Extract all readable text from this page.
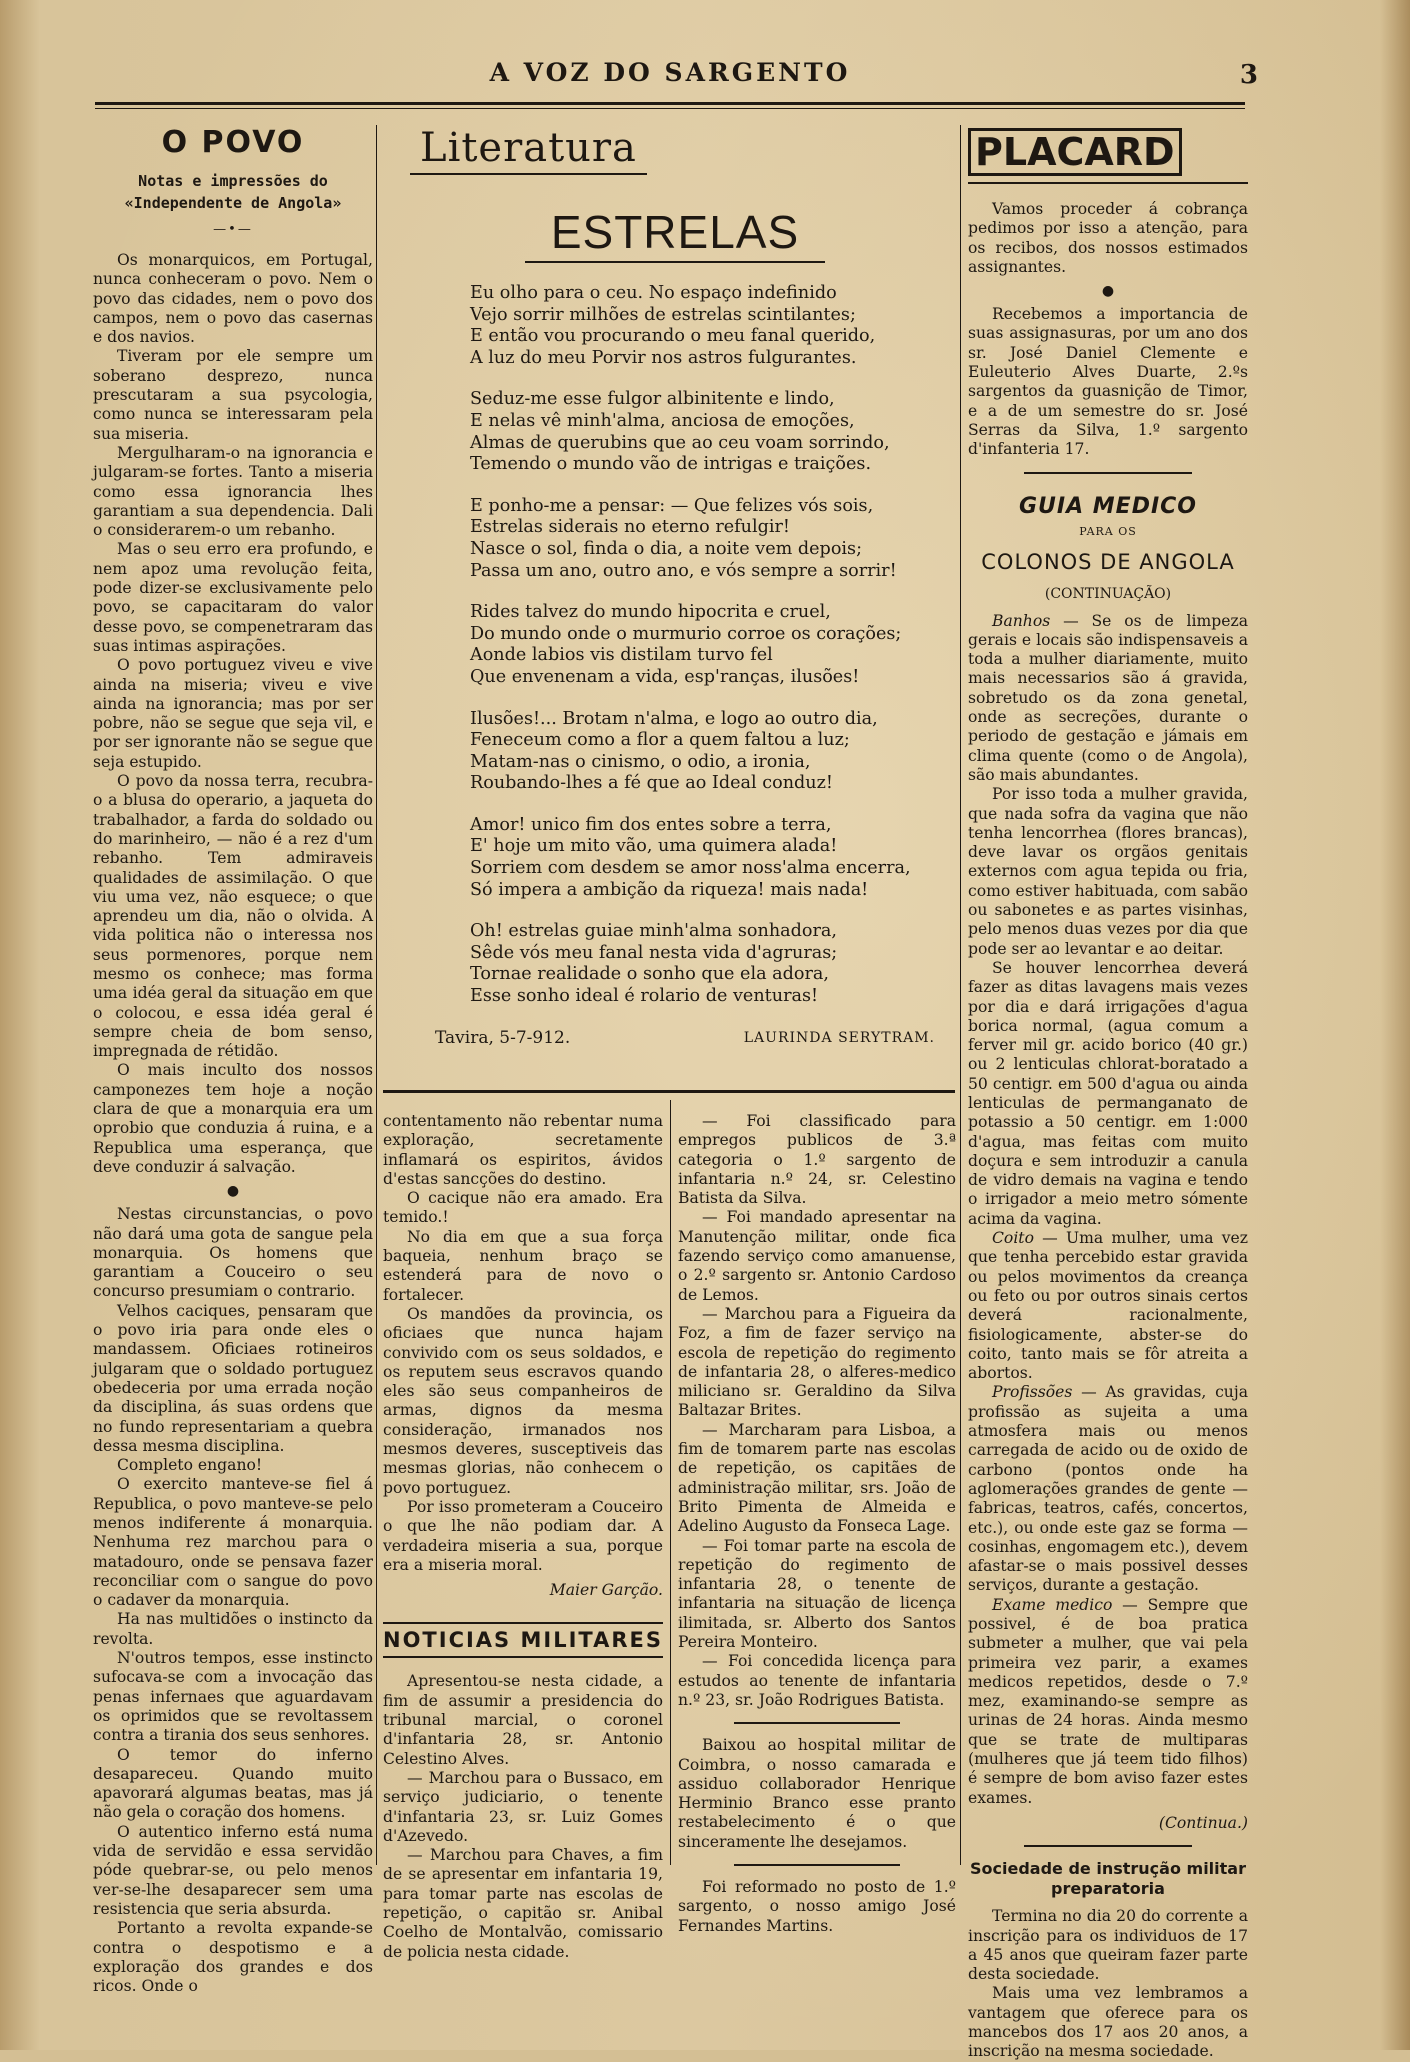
A VOZ DO SARGENTO	3
O POVO
Notas e impressões do «Independente de Angola»
—•—

Os monarquicos, em Portugal, nunca conheceram o povo. Nem o povo das cidades, nem o povo dos campos, nem o povo das casernas e dos navios.

Tiveram por ele sempre um soberano desprezo, nunca prescutaram a sua psycologia, como nunca se interessaram pela sua miseria.

Mergulharam-o na ignorancia e julgaram-se fortes. Tanto a miseria como essa ignorancia lhes garantiam a sua dependencia. Dali o considerarem-o um rebanho.

Mas o seu erro era profundo, e nem apoz uma revolução feita, pode dizer-se exclusivamente pelo povo, se capacitaram do valor desse povo, se compenetraram das suas intimas aspirações.

O povo portuguez viveu e vive ainda na miseria; viveu e vive ainda na ignorancia; mas por ser pobre, não se segue que seja vil, e por ser ignorante não se segue que seja estupido.

O povo da nossa terra, recubra-o a blusa do operario, a jaqueta do trabalhador, a farda do soldado ou do marinheiro, — não é a rez d'um rebanho. Tem admiraveis qualidades de assimilação. O que viu uma vez, não esquece; o que aprendeu um dia, não o olvida. A vida politica não o interessa nos seus pormenores, porque nem mesmo os conhece; mas forma uma idéa geral da situação em que o colocou, e essa idéa geral é sempre cheia de bom senso, impregnada de rétidão.

O mais inculto dos nossos camponezes tem hoje a noção clara de que a monarquia era um oprobio que conduzia á ruina, e a Republica uma esperança, que deve conduzir á salvação.

●

Nestas circunstancias, o povo não dará uma gota de sangue pela monarquia. Os homens que garantiam a Couceiro o seu concurso presumiam o contrario.

Velhos caciques, pensaram que o povo iria para onde eles o mandassem. Oficiaes rotineiros julgaram que o soldado portuguez obedeceria por uma errada noção da disciplina, ás suas ordens que no fundo representariam a quebra dessa mesma disciplina.

Completo engano!

O exercito manteve-se fiel á Republica, o povo manteve-se pelo menos indiferente á monarquia. Nenhuma rez marchou para o matadouro, onde se pensava fazer reconciliar com o sangue do povo o cadaver da monarquia.

Ha nas multidões o instincto da revolta.

N'outros tempos, esse instincto sufocava-se com a invocação das penas infernaes que aguardavam os oprimidos que se revoltassem contra a tirania dos seus senhores.

O temor do inferno desapareceu. Quando muito apavorará algumas beatas, mas já não gela o coração dos homens.

O autentico inferno está numa vida de servidão e essa servidão póde quebrar-se, ou pelo menos ver-se-lhe desaparecer sem uma resistencia que seria absurda.

Portanto a revolta expande-se contra o despotismo e a exploração dos grandes e dos ricos. Onde o

Literatura
ESTRELAS
Eu olho para o ceu. No espaço indefinido
Vejo sorrir milhões de estrelas scintilantes;
E então vou procurando o meu fanal querido,
A luz do meu Porvir nos astros fulgurantes.
Seduz-me esse fulgor albinitente e lindo,
E nelas vê minh'alma, anciosa de emoções,
Almas de querubins que ao ceu voam sorrindo,
Temendo o mundo vão de intrigas e traições.
E ponho-me a pensar: — Que felizes vós sois,
Estrelas siderais no eterno refulgir!
Nasce o sol, finda o dia, a noite vem depois;
Passa um ano, outro ano, e vós sempre a sorrir!
Rides talvez do mundo hipocrita e cruel,
Do mundo onde o murmurio corroe os corações;
Aonde labios vis distilam turvo fel
Que envenenam a vida, esp'ranças, ilusões!
Ilusões!... Brotam n'alma, e logo ao outro dia,
Feneceum como a flor a quem faltou a luz;
Matam-nas o cinismo, o odio, a ironia,
Roubando-lhes a fé que ao Ideal conduz!
Amor! unico fim dos entes sobre a terra,
E' hoje um mito vão, uma quimera alada!
Sorriem com desdem se amor noss'alma encerra,
Só impera a ambição da riqueza! mais nada!
Oh! estrelas guiae minh'alma sonhadora,
Sêde vós meu fanal nesta vida d'agruras;
Tornae realidade o sonho que ela adora,
Esse sonho ideal é rolario de venturas!
Tavira, 5-7-912.	LAURINDA SERYTRAM.

contentamento não rebentar numa exploração, secretamente inflamará os espiritos, ávidos d'estas sancções do destino.

O cacique não era amado. Era temido.!

No dia em que a sua força baqueia, nenhum braço se estenderá para de novo o fortalecer.

Os mandões da provincia, os oficiaes que nunca hajam convivido com os seus soldados, e os reputem seus escravos quando eles são seus companheiros de armas, dignos da mesma consideração, irmanados nos mesmos deveres, susceptiveis das mesmas glorias, não conhecem o povo portuguez.

Por isso prometeram a Couceiro o que lhe não podiam dar. A verdadeira miseria a sua, porque era a miseria moral.

Maier Garção.

NOTICIAS MILITARES

Apresentou-se nesta cidade, a fim de assumir a presidencia do tribunal marcial, o coronel d'infantaria 28, sr. Antonio Celestino Alves.

— Marchou para o Bussaco, em serviço judiciario, o tenente d'infantaria 23, sr. Luiz Gomes d'Azevedo.

— Marchou para Chaves, a fim de se apresentar em infantaria 19, para tomar parte nas escolas de repetição, o capitão sr. Anibal Coelho de Montalvão, comissario de policia nesta cidade.

— Foi classificado para empregos publicos de 3.ª categoria o 1.º sargento de infantaria n.º 24, sr. Celestino Batista da Silva.

— Foi mandado apresentar na Manutenção militar, onde fica fazendo serviço como amanuense, o 2.º sargento sr. Antonio Cardoso de Lemos.

— Marchou para a Figueira da Foz, a fim de fazer serviço na escola de repetição do regimento de infantaria 28, o alferes-medico miliciano sr. Geraldino da Silva Baltazar Brites.

— Marcharam para Lisboa, a fim de tomarem parte nas escolas de repetição, os capitães de administração militar, srs. João de Brito Pimenta de Almeida e Adelino Augusto da Fonseca Lage.

— Foi tomar parte na escola de repetição do regimento de infantaria 28, o tenente de infantaria na situação de licença ilimitada, sr. Alberto dos Santos Pereira Monteiro.

— Foi concedida licença para estudos ao tenente de infantaria n.º 23, sr. João Rodrigues Batista.

Baixou ao hospital militar de Coimbra, o nosso camarada e assiduo collaborador Henrique Herminio Branco esse pranto restabelecimento é o que sinceramente lhe desejamos.

Foi reformado no posto de 1.º sargento, o nosso amigo José Fernandes Martins.

PLACARD

Vamos proceder á cobrança pedimos por isso a atenção, para os recibos, dos nossos estimados assignantes.

●

Recebemos a importancia de suas assignasuras, por um ano dos sr. José Daniel Clemente e Euleuterio Alves Duarte, 2.ºs sargentos da guasnição de Timor, e a de um semestre do sr. José Serras da Silva, 1.º sargento d'infanteria 17.

GUIA MEDICO
PARA OS
COLONOS DE ANGOLA
(CONTINUAÇÃO)

Banhos — Se os de limpeza gerais e locais são indispensaveis a toda a mulher diariamente, muito mais necessarios são á gravida, sobretudo os da zona genetal, onde as secreções, durante o periodo de gestação e jámais em clima quente (como o de Angola), são mais abundantes.

Por isso toda a mulher gravida, que nada sofra da vagina que não tenha lencorrhea (flores brancas), deve lavar os orgãos genitais externos com agua tepida ou fria, como estiver habituada, com sabão ou sabonetes e as partes visinhas, pelo menos duas vezes por dia que pode ser ao levantar e ao deitar.

Se houver lencorrhea deverá fazer as ditas lavagens mais vezes por dia e dará irrigações d'agua borica normal, (agua comum a ferver mil gr. acido borico (40 gr.) ou 2 lenticulas chlorat-boratado a 50 centigr. em 500 d'agua ou ainda lenticulas de permanganato de potassio a 50 centigr. em 1:000 d'agua, mas feitas com muito doçura e sem introduzir a canula de vidro demais na vagina e tendo o irrigador a meio metro sómente acima da vagina.

Coito — Uma mulher, uma vez que tenha percebido estar gravida ou pelos movimentos da creança ou feto ou por outros sinais certos deverá racionalmente, fisiologicamente, abster-se do coito, tanto mais se fôr atreita a abortos.

Profissões — As gravidas, cuja profissão as sujeita a uma atmosfera mais ou menos carregada de acido ou de oxido de carbono (pontos onde ha aglomerações grandes de gente — fabricas, teatros, cafés, concertos, etc.), ou onde este gaz se forma — cosinhas, engomagem etc.), devem afastar-se o mais possivel desses serviços, durante a gestação.

Exame medico — Sempre que possivel, é de boa pratica submeter a mulher, que vai pela primeira vez parir, a exames medicos repetidos, desde o 7.º mez, examinando-se sempre as urinas de 24 horas. Ainda mesmo que se trate de multiparas (mulheres que já teem tido filhos) é sempre de bom aviso fazer estes exames.

(Continua.)

Sociedade de instrução militar preparatoria

Termina no dia 20 do corrente a inscrição para os individuos de 17 a 45 anos que queiram fazer parte desta sociedade.

Mais uma vez lembramos a vantagem que oferece para os mancebos dos 17 aos 20 anos, a inscrição na mesma sociedade.
